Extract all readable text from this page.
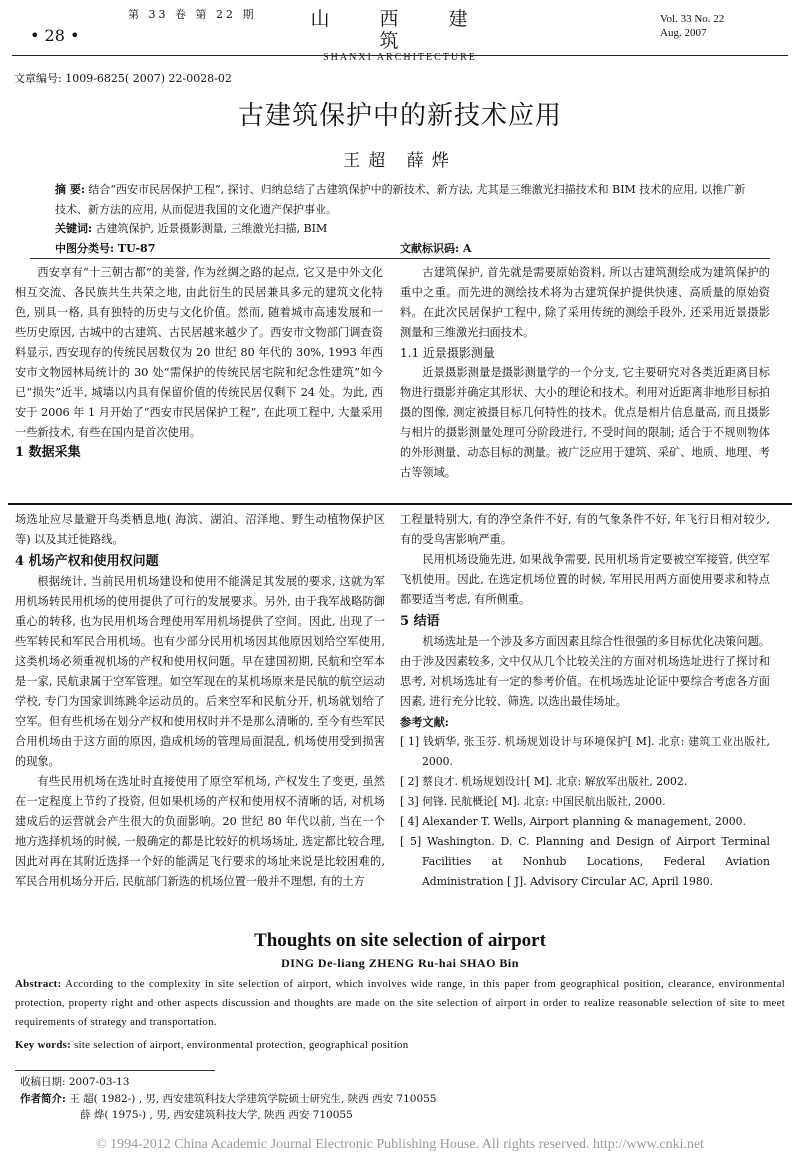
• 28 •
第 33 卷 第 22 期	山 西 建 筑
SHANXI ARCHITECTURE
Vol. 33 No. 22
Aug. 2007
文章编号: 1009-6825( 2007) 22-0028-02
古建筑保护中的新技术应用
王超 薛烨
摘 要: 结合“西安市民居保护工程”, 探讨、归纳总结了古建筑保护中的新技术、新方法, 尤其是三维激光扫描技术和 BIM 技术的应用, 以推广新技术、新方法的应用, 从而促进我国的文化遗产保护事业。
关键词: 古建筑保护, 近景摄影测量, 三维激光扫描, BIM
中图分类号: TU-87	文献标识码: A

西安享有“十三朝古都”的美誉, 作为丝绸之路的起点, 它又是中外文化相互交流、各民族共生共荣之地, 由此衍生的民居兼具多元的建筑文化特色, 别具一格, 具有独特的历史与文化价值。然而, 随着城市高速发展和一些历史原因, 古城中的古建筑、古民居越来越少了。西安市文物部门调查资料显示, 西安现存的传统民居数仅为 20 世纪 80 年代的 30%, 1993 年西安市文物园林局统计的 30 处“需保护的传统民居宅院和纪念性建筑”如今已“损失”近半, 城墙以内具有保留价值的传统民居仅剩下 24 处。为此, 西安于 2006 年 1 月开始了“西安市民居保护工程”, 在此项工程中, 大量采用一些新技术, 有些在国内是首次使用。

1 数据采集

古建筑保护, 首先就是需要原始资料, 所以古建筑测绘成为建筑保护的重中之重。而先进的测绘技术将为古建筑保护提供快速、高质量的原始资料。在此次民居保护工程中, 除了采用传统的测绘手段外, 还采用近景摄影测量和三维激光扫面技术。

1.1 近景摄影测量

近景摄影测量是摄影测量学的一个分支, 它主要研究对各类近距离目标物进行摄影并确定其形状、大小的理论和技术。利用对近距离非地形目标拍摄的图像, 测定被摄目标几何特性的技术。优点是相片信息量高, 而且摄影与相片的摄影测量处理可分阶段进行, 不受时间的限制; 适合于不规则物体的外形测量、动态目标的测量。被广泛应用于建筑、采矿、地质、地理、考古等领域。

场选址应尽量避开鸟类栖息地( 海滨、湖泊、沼泽地、野生动植物保护区等) 以及其迁徙路线。

4 机场产权和使用权问题

根据统计, 当前民用机场建设和使用不能满足其发展的要求, 这就为军用机场转民用机场的使用提供了可行的发展要求。另外, 由于我军战略防御重心的转移, 也为民用机场合理使用军用机场提供了空间。因此, 出现了一些军转民和军民合用机场。也有少部分民用机场因其他原因划给空军使用, 这类机场必须重视机场的产权和使用权问题。早在建国初期, 民航和空军本是一家, 民航隶属于空军管理。如空军现在的某机场原来是民航的航空运动学校, 专门为国家训练跳伞运动员的。后来空军和民航分开, 机场就划给了空军。但有些机场在划分产权和使用权时并不是那么清晰的, 至今有些军民合用机场由于这方面的原因, 造成机场的管理局面混乱, 机场使用受到损害的现象。

有些民用机场在选址时直接使用了原空军机场, 产权发生了变更, 虽然在一定程度上节约了投资, 但如果机场的产权和使用权不清晰的话, 对机场建成后的运营就会产生很大的负面影响。20 世纪 80 年代以前, 当在一个地方选择机场的时候, 一般确定的都是比较好的机场场址, 选定都比较合理, 因此对再在其附近选择一个好的能满足飞行要求的场址来说是比较困难的, 军民合用机场分开后, 民航部门新选的机场位置一般并不理想, 有的土方

工程量特别大, 有的净空条件不好, 有的气象条件不好, 年飞行日相对较少, 有的受鸟害影响严重。

民用机场设施先进, 如果战争需要, 民用机场肯定要被空军接管, 供空军飞机使用。因此, 在选定机场位置的时候, 军用民用两方面使用要求和特点都要适当考虑, 有所侧重。

5 结语

机场选址是一个涉及多方面因素且综合性很强的多目标优化决策问题。由于涉及因素较多, 文中仅从几个比较关注的方面对机场选址进行了探讨和思考, 对机场选址有一定的参考价值。在机场选址论证中要综合考虑各方面因素, 进行充分比较、筛选, 以选出最佳场址。

参考文献:

[ 1] 钱炳华, 张玉芬. 机场规划设计与环境保护[ M]. 北京: 建筑工业出版社, 2000.
[ 2] 蔡良才. 机场规划设计[ M]. 北京: 解放军出版社, 2002.
[ 3] 何锋. 民航概论[ M]. 北京: 中国民航出版社, 2000.
[ 4] Alexander T. Wells, Airport planning & management, 2000.
[ 5] Washington. D. C. Planning and Design of Airport Terminal Facilities at Nonhub Locations, Federal Aviation Administration [ J]. Advisory Circular AC, April 1980.
Thoughts on site selection of airport
DING De-liang ZHENG Ru-hai SHAO Bin
Abstract: According to the complexity in site selection of airport, which involves wide range, in this paper from geographical position, clearance, environmental protection, property right and other aspects discussion and thoughts are made on the site selection of airport in order to realize reasonable selection of site to meet requirements of strategy and transportation.
Key words: site selection of airport, environmental protection, geographical position
收稿日期: 2007-03-13
作者简介: 王 超( 1982-) , 男, 西安建筑科技大学建筑学院硕士研究生, 陕西 西安 710055
薛 烨( 1975-) , 男, 西安建筑科技大学, 陕西 西安 710055
© 1994-2012 China Academic Journal Electronic Publishing House. All rights reserved. http://www.cnki.net
